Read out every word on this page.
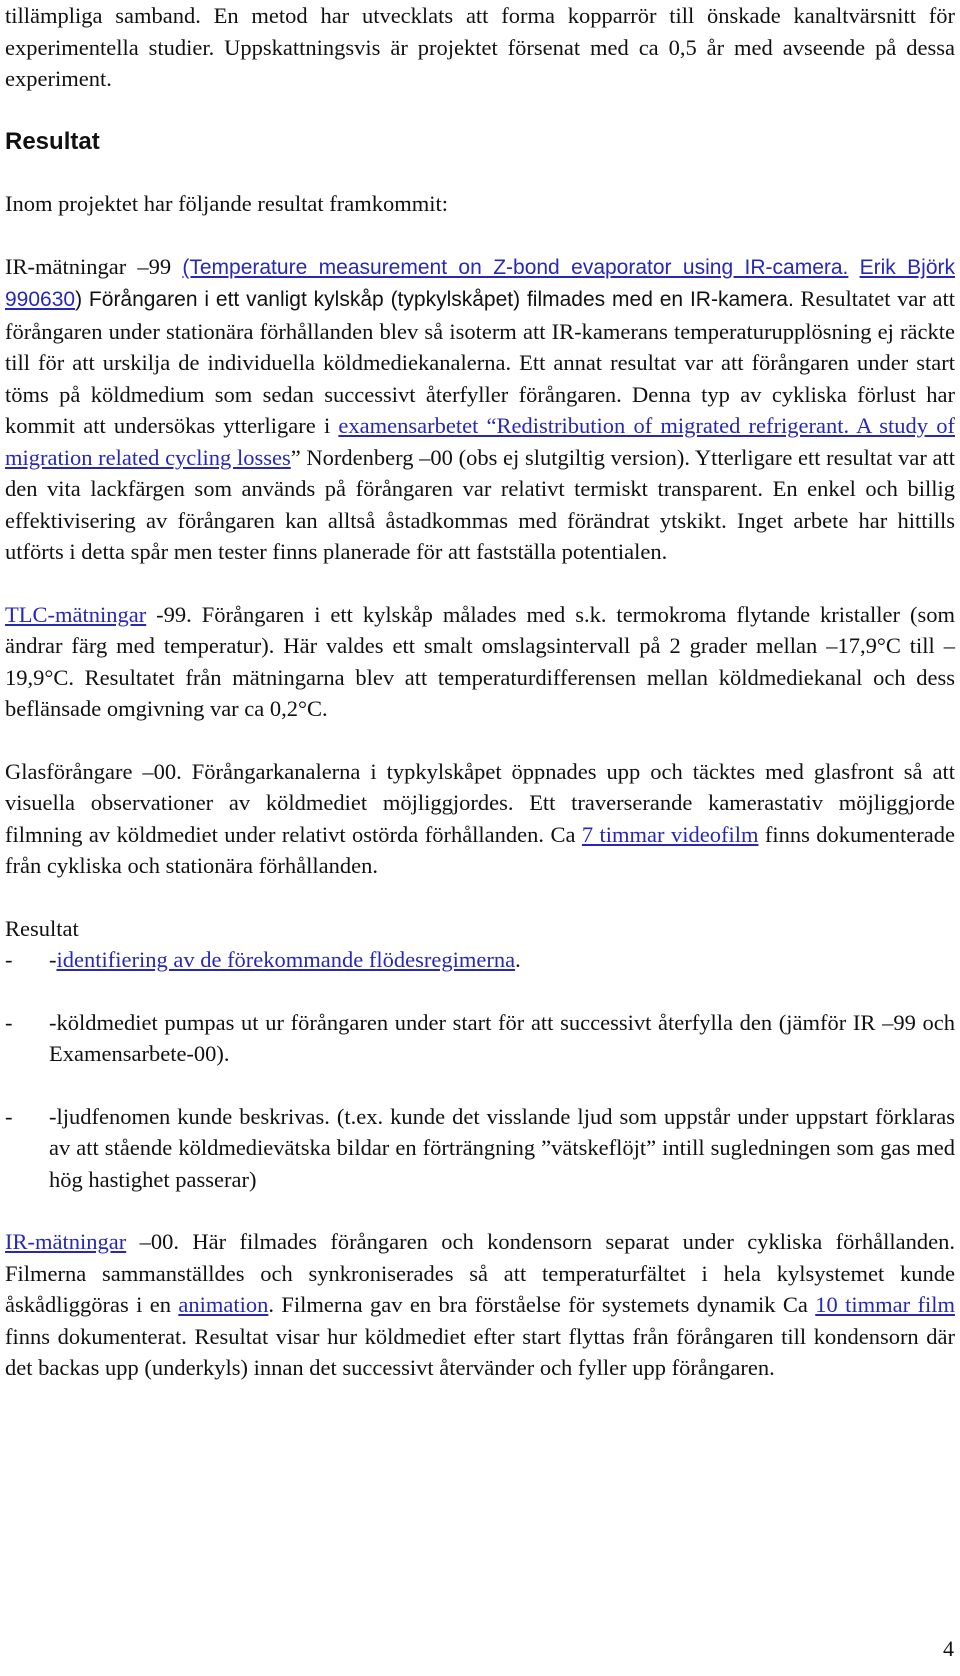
tillämpliga samband. En metod har utvecklats att forma kopparrör till önskade kanaltvärsnitt för experimentella studier. Uppskattningsvis är projektet försenat med ca 0,5 år med avseende på dessa experiment.

Resultat

Inom projektet har följande resultat framkommit:

IR-mätningar –99 (Temperature measurement on Z-bond evaporator using IR-camera. Erik Björk 990630) Förångaren i ett vanligt kylskåp (typkylskåpet) filmades med en IR-kamera. Resultatet var att förångaren under stationära förhållanden blev så isoterm att IR-kamerans temperaturupplösning ej räckte till för att urskilja de individuella köldmediekanalerna. Ett annat resultat var att förångaren under start töms på köldmedium som sedan successivt återfyller förångaren. Denna typ av cykliska förlust har kommit att undersökas ytterligare i examensarbetet “Redistribution of migrated refrigerant. A study of migration related cycling losses” Nordenberg –00 (obs ej slutgiltig version). Ytterligare ett resultat var att den vita lackfärgen som används på förångaren var relativt termiskt transparent. En enkel och billig effektivisering av förångaren kan alltså åstadkommas med förändrat ytskikt. Inget arbete har hittills utförts i detta spår men tester finns planerade för att fastställa potentialen.

TLC-mätningar -99. Förångaren i ett kylskåp målades med s.k. termokroma flytande kristaller (som ändrar färg med temperatur). Här valdes ett smalt omslagsintervall på 2 grader mellan –17,9°C till –19,9°C. Resultatet från mätningarna blev att temperaturdifferensen mellan köldmediekanal och dess beflänsade omgivning var ca 0,2°C.

Glasförångare –00. Förångarkanalerna i typkylskåpet öppnades upp och täcktes med glasfront så att visuella observationer av köldmediet möjliggjordes. Ett traverserande kamerastativ möjliggjorde filmning av köldmediet under relativt ostörda förhållanden. Ca 7 timmar videofilm finns dokumenterade från cykliska och stationära förhållanden.

Resultat

-	-identifiering av de förekommande flödesregimerna.
-	-köldmediet pumpas ut ur förångaren under start för att successivt återfylla den (jämför IR –99 och Examensarbete-00).
-	-ljudfenomen kunde beskrivas. (t.ex. kunde det visslande ljud som uppstår under uppstart förklaras av att stående köldmedievätska bildar en förträngning ”vätskeflöjt” intill sugledningen som gas med hög hastighet passerar)

IR-mätningar –00. Här filmades förångaren och kondensorn separat under cykliska förhållanden. Filmerna sammanställdes och synkroniserades så att temperaturfältet i hela kylsystemet kunde åskådliggöras i en animation. Filmerna gav en bra förståelse för systemets dynamik Ca 10 timmar film finns dokumenterat. Resultat visar hur köldmediet efter start flyttas från förångaren till kondensorn där det backas upp (underkyls) innan det successivt återvänder och fyller upp förångaren.

4
